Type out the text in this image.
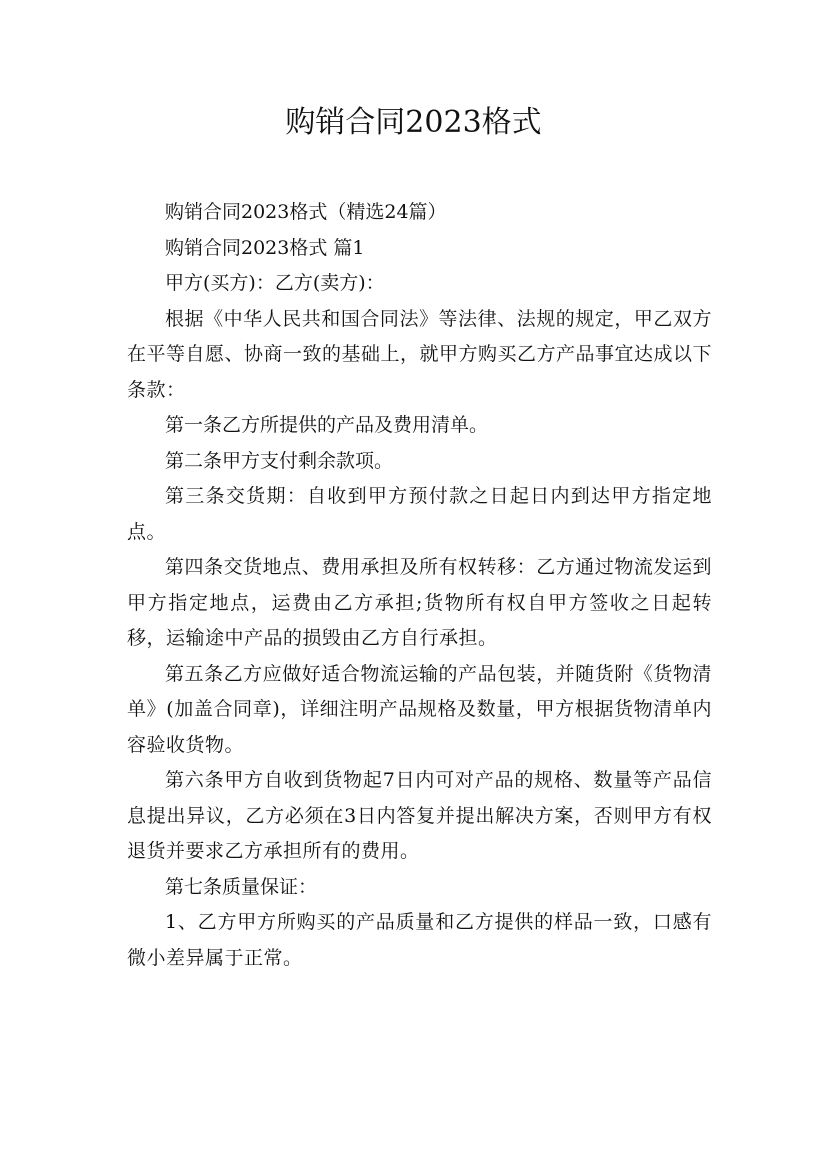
购销合同2023格式

购销合同2023格式（精选24篇）

购销合同2023格式 篇1

甲方(买方)：乙方(卖方)：

根据《中华人民共和国合同法》等法律、法规的规定，甲乙双方在平等自愿、协商一致的基础上，就甲方购买乙方产品事宜达成以下条款：

第一条乙方所提供的产品及费用清单。

第二条甲方支付剩余款项。

第三条交货期：自收到甲方预付款之日起日内到达甲方指定地点。

第四条交货地点、费用承担及所有权转移：乙方通过物流发运到甲方指定地点，运费由乙方承担;货物所有权自甲方签收之日起转移，运输途中产品的损毁由乙方自行承担。

第五条乙方应做好适合物流运输的产品包装，并随货附《货物清单》(加盖合同章)，详细注明产品规格及数量，甲方根据货物清单内容验收货物。

第六条甲方自收到货物起7日内可对产品的规格、数量等产品信息提出异议，乙方必须在3日内答复并提出解决方案，否则甲方有权退货并要求乙方承担所有的费用。

第七条质量保证：

1、乙方甲方所购买的产品质量和乙方提供的样品一致，口感有微小差异属于正常。
